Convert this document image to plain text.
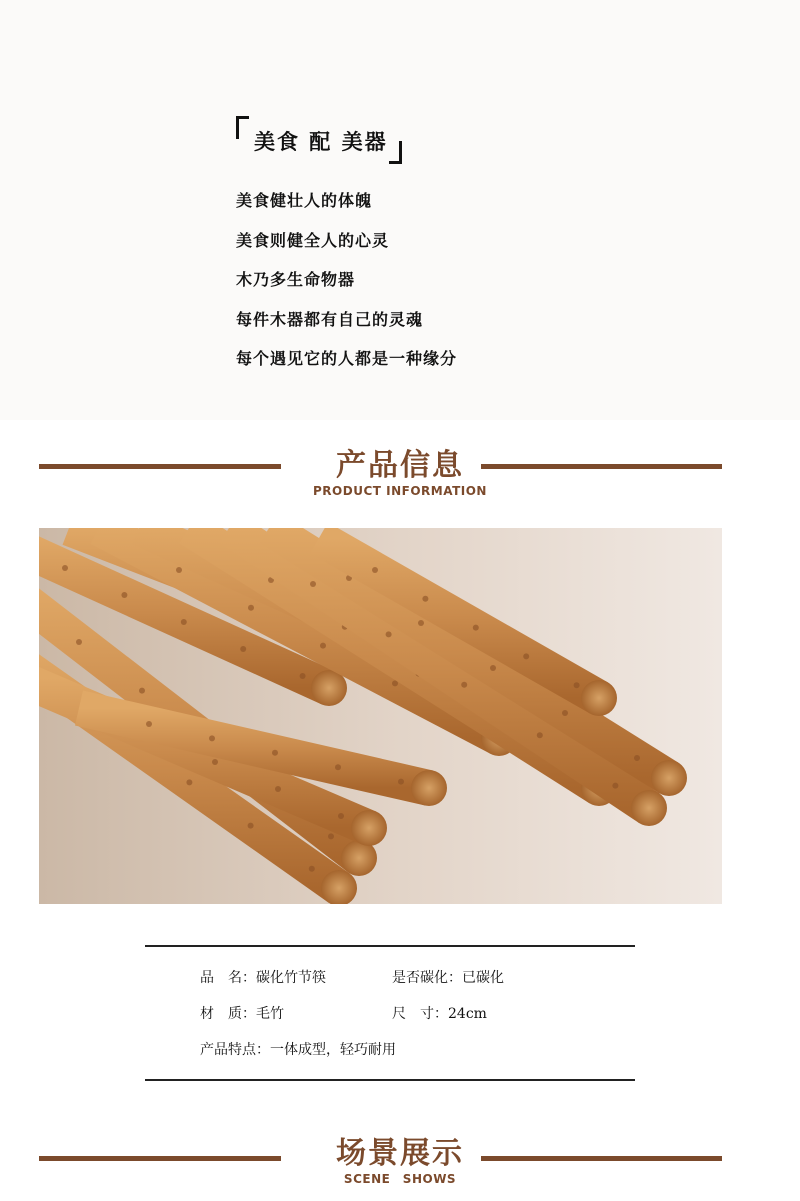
美食 配 美器
美食健壮人的体魄
美食则健全人的心灵
木乃多生命物器
每件木器都有自己的灵魂
每个遇见它的人都是一种缘分
产品信息
PRODUCT INFORMATION
品　名：碳化竹节筷	是否碳化：已碳化
材　质：毛竹	尺　寸：24cm
产品特点：一体成型，轻巧耐用
场景展示
SCENE　SHOWS
